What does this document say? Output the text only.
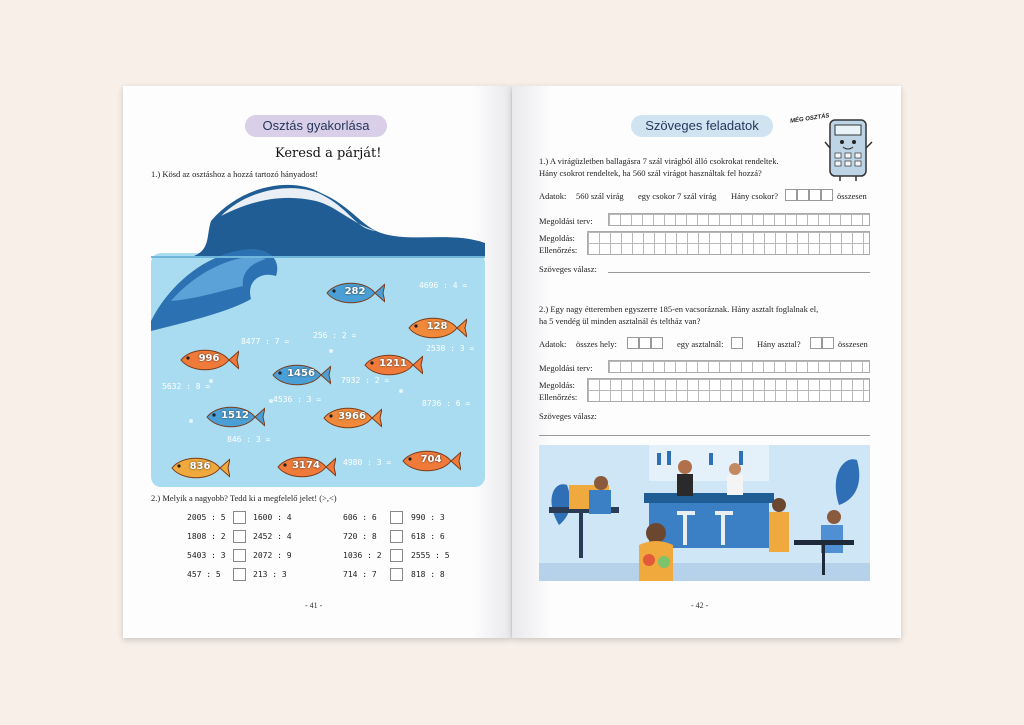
Osztás gyakorlása
Keresd a párját!
1.) Kösd az osztáshoz a hozzá tartozó hányadost!
282
128
996	1211
1456
1512	3966
836	3174
704
4696 : 4 =
8477 : 7 =
256 : 2 =
2538 : 3 =
5632 : 8 =
7932 : 2 =
4536 : 3 =	8736 : 6 =
846 : 3 =
4980 : 3 =
2.) Melyik a nagyobb? Tedd ki a megfelelő jelet! (>,<)
2005 : 5	1600 : 4	606 : 6	990 : 3
1808 : 2	2452 : 4	720 : 8	618 : 6
5403 : 3	2072 : 9	1036 : 2	2555 : 5
457 : 5	213 : 3	714 : 7	818 : 8
- 41 -
Szöveges feladatok	MÉG OSZTÁS
1.) A virágüzletben ballagásra 7 szál virágból álló csokrokat rendeltek.
Hány csokrot rendeltek, ha 560 szál virágot használtak fel hozzá?
Adatok: 560 szál virág egy csokor 7 szál virág Hány csokor?	összesen
Megoldási terv:
Megoldás:
Ellenőrzés:
Szöveges válasz:
2.) Egy nagy étteremben egyszerre 185-en vacsoráznak. Hány asztalt foglalnak el,
ha 5 vendég ül minden asztalnál és teltház van?
Adatok: összes hely:	egy asztalnál:	Hány asztal?	összesen
Megoldási terv:
Megoldás:
Ellenőrzés:
Szöveges válasz:
- 42 -
